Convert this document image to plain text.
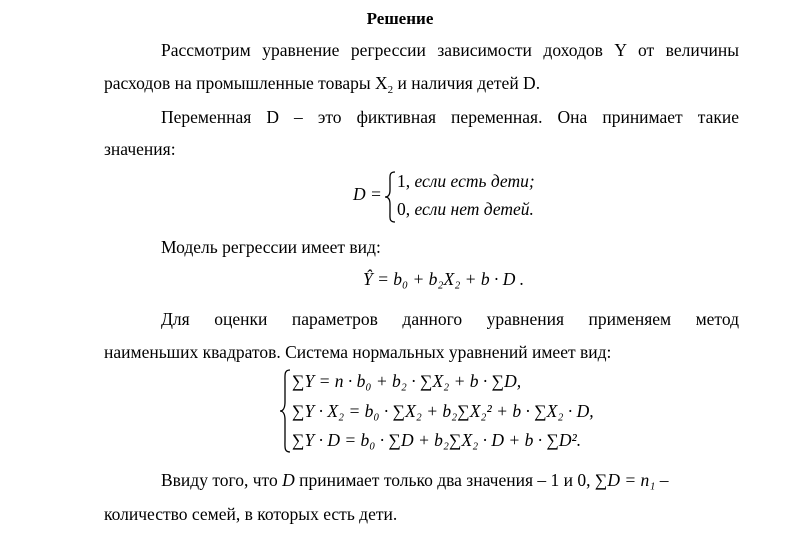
Решение
Рассмотрим уравнение регрессии зависимости доходов Y от величины
расходов на промышленные товары $X_2$ и наличия детей D.
Переменная D – это фиктивная переменная. Она принимает такие
значения:
D =
1, если есть дети;
0, если нет детей.
Модель регрессии имеет вид:
Ŷ = b₀ + b₂X₂ + b · D .
Для оценки параметров данного уравнения применяем метод
наименьших квадратов. Система нормальных уравнений имеет вид:
∑Y = n · b₀ + b₂ · ∑X₂ + b · ∑D,
∑Y · X₂ = b₀ · ∑X₂ + b₂∑X₂² + b · ∑X₂ · D,
∑Y · D = b₀ · ∑D + b₂∑X₂ · D + b · ∑D².
Ввиду того, что D принимает только два значения – 1 и 0, ∑D = n₁ –
количество семей, в которых есть дети.
